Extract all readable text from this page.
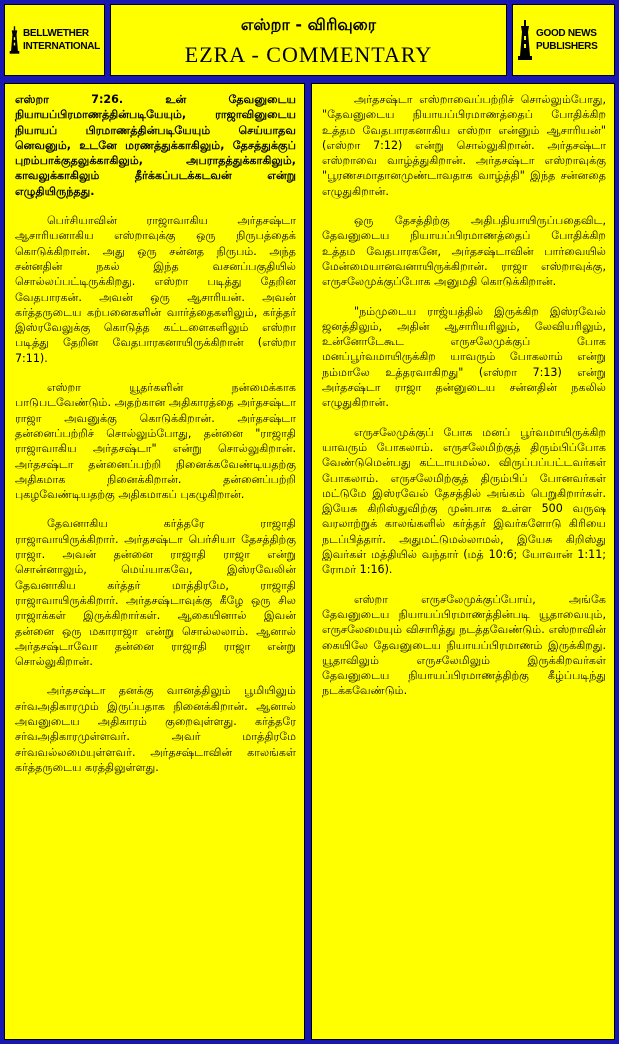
BELLWETHER
INTERNATIONAL
எஸ்றா - விரிவுரை
EZRA - COMMENTARY
GOOD NEWS
PUBLISHERS

எஸ்றா 7:26. உன் தேவனுடைய நியாயப்பிரமாணத்தின்படியேயும், ராஜாவினுடைய நியாயப் பிரமாணத்தின்படியேயும் செய்யாதவ னெவனும், உடனே மரணத்துக்காகிலும், தேசத்துக்குப் புறம்பாக்குதலுக்காகிலும், அபராதத்துக்காகிலும், காவலுக்காகிலும் தீர்க்கப்படக்கடவன் என்று எழுதியிருந்தது.

பெர்சியாவின் ராஜாவாகிய அர்தசஷ்டா ஆசாரியனாகிய எஸ்றாவுக்கு ஒரு நிருபத்தைக் கொடுக்கிறான். அது ஒரு சன்னத நிருபம். அந்த சன்னதின் நகல் இந்த வசனப்பகுதியில் சொல்லப்பட்டிருக்கிறது. எஸ்றா படித்து தேறின வேதபாரகன். அவன் ஒரு ஆசாரியன். அவன் கர்த்தருடைய கற்பனைகளின் வார்த்தைகளிலும், கர்த்தர் இஸ்ரவேலுக்கு கொடுத்த கட்டளைகளிலும் எஸ்றா படித்து தேறின வேதபாரகனாயிருக்கிறான் (எஸ்றா 7:11).

எஸ்றா யூதர்களின் நன்மைக்காக பாடுபடவேண்டும். அதற்கான அதிகாரத்தை அர்தசஷ்டா ராஜா அவனுக்கு கொடுக்கிறான். அர்தசஷ்டா தன்னைப்பற்றிச் சொல்லும்போது, தன்னை "ராஜாதி ராஜாவாகிய அர்தசஷ்டா" என்று சொல்லுகிறான். அர்தசஷ்டா தன்னைப்பற்றி நினைக்கவேண்டியதற்கு அதிகமாக நினைக்கிறான். தன்னைப்பற்றி புகழவேண்டியதற்கு அதிகமாகப் புகழுகிறான்.

தேவனாகிய கர்த்தரே ராஜாதி ராஜாவாயிருக்கிறார். அர்தசஷ்டா பெர்சியா தேசத்திற்கு ராஜா. அவன் தன்னை ராஜாதி ராஜா என்று சொன்னாலும், மெய்யாகவே, இஸ்ரவேலின் தேவனாகிய கர்த்தர் மாத்திரமே, ராஜாதி ராஜாவாயிருக்கிறார். அர்தசஷ்டாவுக்கு கீழே ஒரு சில ராஜாக்கள் இருக்கிறார்கள். ஆகையினால் இவன் தன்னை ஒரு மகாராஜா என்று சொல்லலாம். ஆனால் அர்தசஷ்டாவோ தன்னை ராஜாதி ராஜா என்று சொல்லுகிறான்.

அர்தசஷ்டா தனக்கு வானத்திலும் பூமியிலும் சர்வஅதிகாரமும் இருப்பதாக நினைக்கிறான். ஆனால் அவனுடைய அதிகாரம் குறைவுள்ளது. கர்த்தரே சர்வஅதிகாரமுள்ளவர். அவர் மாத்திரமே சர்வவல்லமையுள்ளவர். அர்தசஷ்டாவின் காலங்கள் கர்த்தருடைய கரத்திலுள்ளது.

அர்தசஷ்டா எஸ்றாவைப்பற்றிச் சொல்லும்போது, "தேவனுடைய நியாயப்பிரமாணத்தைப் போதிக்கிற உத்தம வேதபாரகனாகிய எஸ்றா என்னும் ஆசாரியன்" (எஸ்றா 7:12) என்று சொல்லுகிறான். அர்தசஷ்டா எஸ்றாவை வாழ்த்துகிறான். அர்தசஷ்டா எஸ்றாவுக்கு "பூரணசமாதானமுண்டாவதாக வாழ்த்தி" இந்த சன்னதை எழுதுகிறான்.

ஒரு தேசத்திற்கு அதிபதியாயிருப்பதைவிட, தேவனுடைய நியாயப்பிரமாணத்தைப் போதிக்கிற உத்தம வேதபாரகனே, அர்தசஷ்டாவின் பார்வையில் மேன்மையானவனாயிருக்கிறான். ராஜா எஸ்றாவுக்கு, எருசலேமுக்குப்போக அனுமதி கொடுக்கிறான்.

"நம்முடைய ராஜ்யத்தில் இருக்கிற இஸ்ரவேல் ஜனத்திலும், அதின் ஆசாரியரிலும், லேவியரிலும், உன்னோடேகூட எருசலேமுக்குப் போக மனப்பூர்வமாயிருக்கிற யாவரும் போகலாம் என்று நம்மாலே உத்தரவாகிறது" (எஸ்றா 7:13) என்று அர்தசஷ்டா ராஜா தன்னுடைய சன்னதின் நகலில் எழுதுகிறான்.

எருசலேமுக்குப் போக மனப் பூர்வமாயிருக்கிற யாவரும் போகலாம். எருசலேமிற்குத் திரும்பிப்போக வேண்டுமென்பது கட்டாயமல்ல. விருப்பப்பட்டவர்கள் போகலாம். எருசலேமிற்குத் திரும்பிப் போனவர்கள் மட்டுமே இஸ்ரவேல் தேசத்தில் அங்கம் பெறுகிறார்கள். இயேசு கிறிஸ்துவிற்கு முன்பாக உள்ள 500 வருஷ வரலாற்றுக் காலங்களில் கர்த்தர் இவர்களோடு கிரியை நடப்பித்தார். அதுமட்டுமல்லாமல், இயேசு கிறிஸ்து இவர்கள் மத்தியில் வந்தார் (மத் 10:6; யோவான் 1:11; ரோமர் 1:16).

எஸ்றா எருசலேமுக்குப்போய், அங்கே தேவனுடைய நியாயப்பிரமாணத்தின்படி யூதாவையும், எருசலேமையும் விசாரித்து நடத்தவேண்டும். எஸ்றாவின் கையிலே தேவனுடைய நியாயப்பிரமாணம் இருக்கிறது. யூதாவிலும் எருசலேமிலும் இருக்கிறவர்கள் தேவனுடைய நியாயப்பிரமாணத்திற்கு கீழ்ப்படிந்து நடக்கவேண்டும்.
